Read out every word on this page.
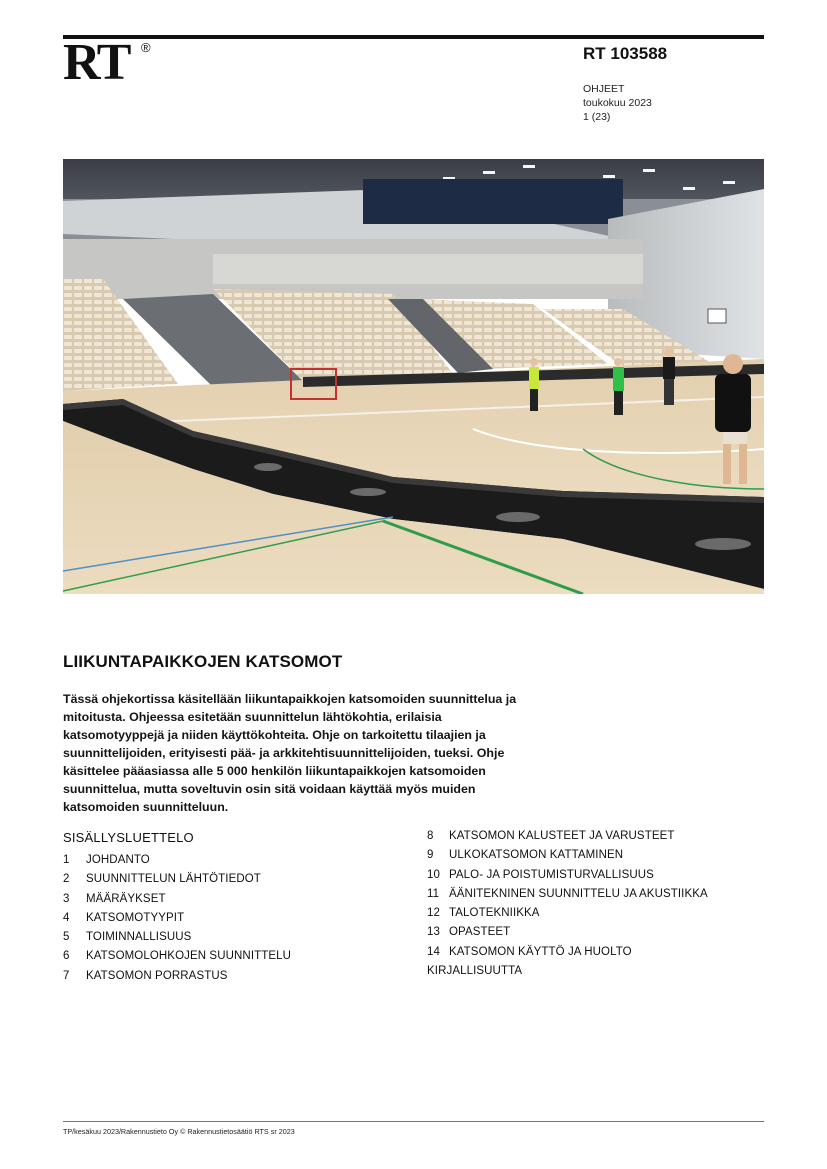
RT ®	RT 103588
OHJEET
toukokuu 2023
1 (23)
LIIKUNTAPAIKKOJEN KATSOMOT
Tässä ohjekortissa käsitellään liikuntapaikkojen katsomoiden suunnittelua ja mitoitusta. Ohjeessa esitetään suunnittelun lähtökohtia, erilaisia katsomotyyppejä ja niiden käyttökohteita. Ohje on tarkoitettu tilaajien ja suunnittelijoiden, erityisesti pää- ja arkkitehtisuunnittelijoiden, tueksi. Ohje käsittelee pääasiassa alle 5 000 henkilön liikuntapaikkojen katsomoiden suunnittelua, mutta soveltuvin osin sitä voidaan käyttää myös muiden katsomoiden suunnitteluun.
SISÄLLYSLUETTELO
1 JOHDANTO
2 SUUNNITTELUN LÄHTÖTIEDOT
3 MÄÄRÄYKSET
4 KATSOMOTYYPIT
5 TOIMINNALLISUUS
6 KATSOMOLOHKOJEN SUUNNITTELU
7 KATSOMON PORRASTUS
8 KATSOMON KALUSTEET JA VARUSTEET
9 ULKOKATSOMON KATTAMINEN
10 PALO- JA POISTUMISTURVALLISUUS
11 ÄÄNITEKNINEN SUUNNITTELU JA AKUSTIIKKA
12 TALOTEKNIIKKA
13 OPASTEET
14 KATSOMON KÄYTTÖ JA HUOLTO
KIRJALLISUUTTA
TP/kesäkuu 2023/Rakennustieto Oy © Rakennustietosäätiö RTS sr 2023
